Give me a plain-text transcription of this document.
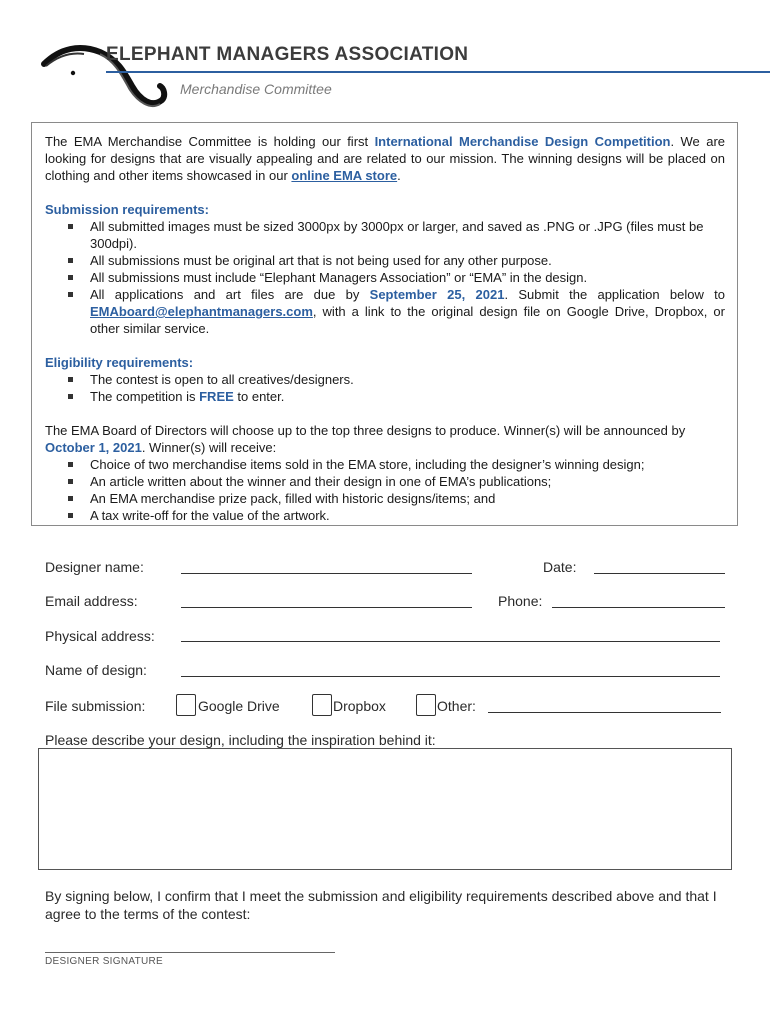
ELEPHANT MANAGERS ASSOCIATION
Merchandise Committee

The EMA Merchandise Committee is holding our first International Merchandise Design Competition. We are looking for designs that are visually appealing and are related to our mission. The winning designs will be placed on clothing and other items showcased in our online EMA store.

Submission requirements:

All submitted images must be sized 3000px by 3000px or larger, and saved as .PNG or .JPG (files must be 300dpi).
All submissions must be original art that is not being used for any other purpose.
All submissions must include “Elephant Managers Association” or “EMA” in the design.
All applications and art files are due by September 25, 2021. Submit the application below to EMAboard@elephantmanagers.com, with a link to the original design file on Google Drive, Dropbox, or other similar service.

Eligibility requirements:

The contest is open to all creatives/designers.
The competition is FREE to enter.

The EMA Board of Directors will choose up to the top three designs to produce. Winner(s) will be announced by October 1, 2021. Winner(s) will receive:

Choice of two merchandise items sold in the EMA store, including the designer’s winning design;
An article written about the winner and their design in one of EMA’s publications;
An EMA merchandise prize pack, filled with historic designs/items; and
A tax write-off for the value of the artwork.
Designer name:	Date:
Email address:	Phone:
Physical address:
Name of design:
File submission:	Google Drive	Dropbox	Other:
Please describe your design, including the inspiration behind it:
By signing below, I confirm that I meet the submission and eligibility requirements described above and that I agree to the terms of the contest:
DESIGNER SIGNATURE
